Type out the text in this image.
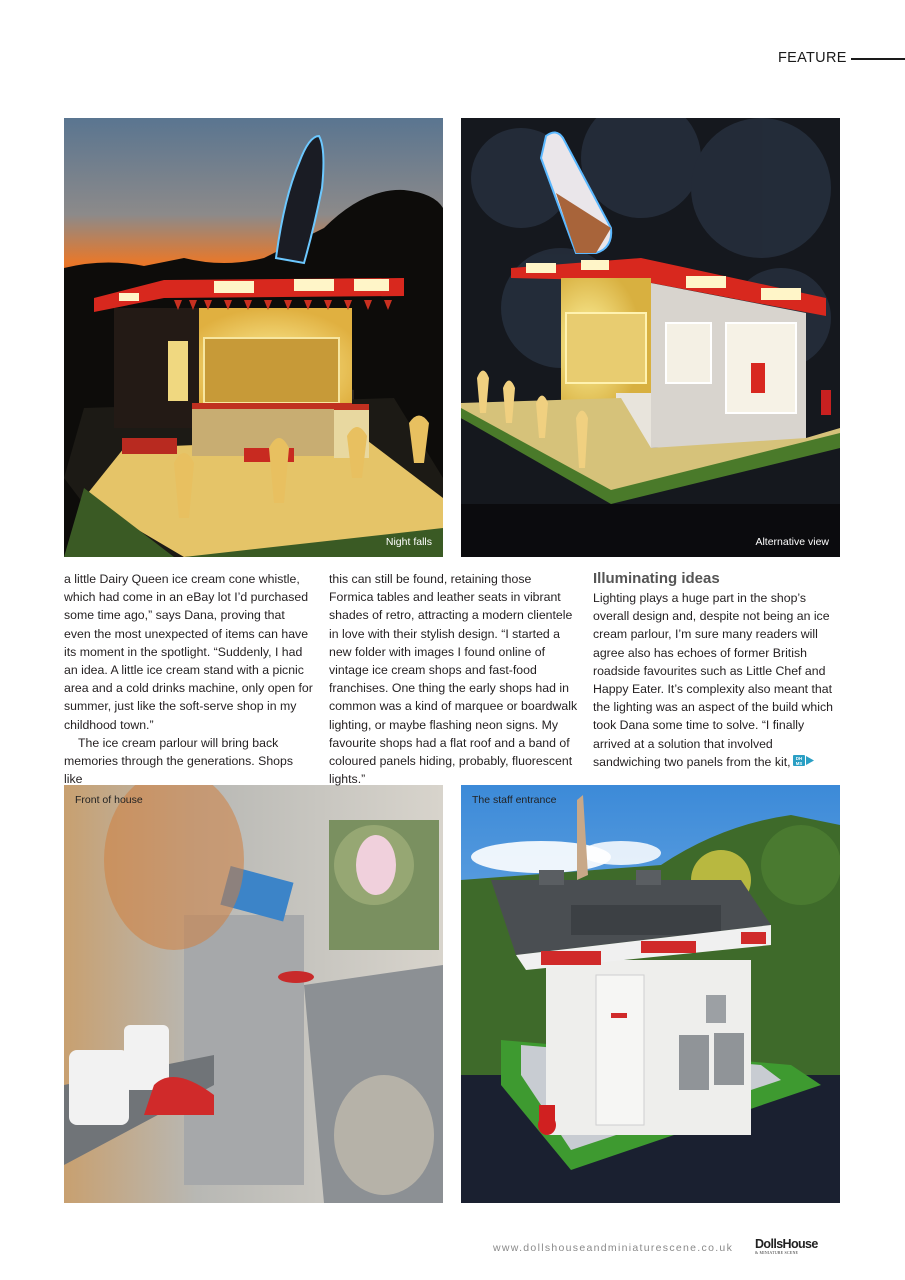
FEATURE
Night falls	Alternative view
Front of house	The staff entrance

a little Dairy Queen ice cream cone whistle, which had come in an eBay lot I’d purchased some time ago,” says Dana, proving that even the most unexpected of items can have its moment in the spotlight. “Suddenly, I had an idea. A little ice cream stand with a picnic area and a cold drinks machine, only open for summer, just like the soft-serve shop in my childhood town.”

The ice cream parlour will bring back memories through the generations. Shops like

this can still be found, retaining those Formica tables and leather seats in vibrant shades of retro, attracting a modern clientele in love with their stylish design. “I started a new folder with images I found online of vintage ice cream shops and fast-food franchises. One thing the early shops had in common was a kind of marquee or boardwalk lighting, or maybe flashing neon signs. My favourite shops had a flat roof and a band of coloured panels hiding, probably, fluorescent lights.”

Illuminating ideas

Lighting plays a huge part in the shop’s overall design and, despite not being an ice cream parlour, I’m sure many readers will agree also has echoes of former British roadside favourites such as Little Chef and Happy Eater. It’s complexity also meant that the lighting was an aspect of the build which took Dana some time to solve. “I finally arrived at a solution that involved sandwiching two panels from the kit, DH
MS

www.dollshouseandminiaturescene.co.uk DollsHouse
& MINIATURE SCENE
